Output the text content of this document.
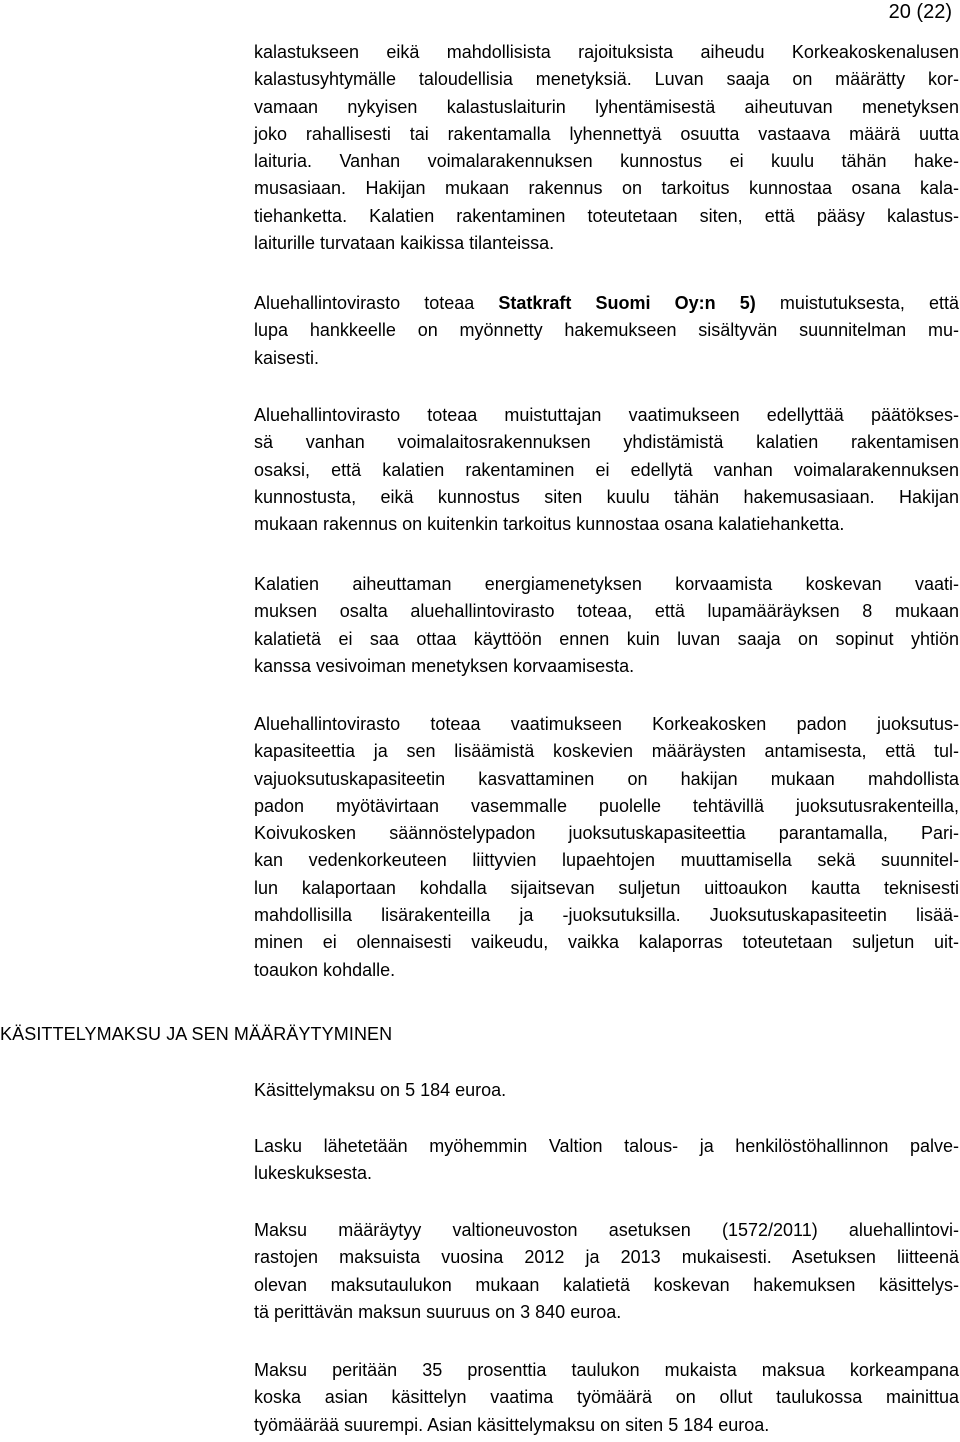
20 (22)
kalastukseen eikä mahdollisista rajoituksista aiheudu Korkeakoskenalusen
kalastusyhtymälle taloudellisia menetyksiä. Luvan saaja on määrätty kor-
vamaan nykyisen kalastuslaiturin lyhentämisestä aiheutuvan menetyksen
joko rahallisesti tai rakentamalla lyhennettyä osuutta vastaava määrä uutta
laituria. Vanhan voimalarakennuksen kunnostus ei kuulu tähän hake-
musasiaan. Hakijan mukaan rakennus on tarkoitus kunnostaa osana kala-
tiehanketta. Kalatien rakentaminen toteutetaan siten, että pääsy kalastus-
laiturille turvataan kaikissa tilanteissa.
Aluehallintovirasto toteaa Statkraft Suomi Oy:n 5) muistutuksesta, että
lupa hankkeelle on myönnetty hakemukseen sisältyvän suunnitelman mu-
kaisesti.
Aluehallintovirasto toteaa muistuttajan vaatimukseen edellyttää päätökses-
sä vanhan voimalaitosrakennuksen yhdistämistä kalatien rakentamisen
osaksi, että kalatien rakentaminen ei edellytä vanhan voimalarakennuksen
kunnostusta, eikä kunnostus siten kuulu tähän hakemusasiaan. Hakijan
mukaan rakennus on kuitenkin tarkoitus kunnostaa osana kalatiehanketta.
Kalatien aiheuttaman energiamenetyksen korvaamista koskevan vaati-
muksen osalta aluehallintovirasto toteaa, että lupamääräyksen 8 mukaan
kalatietä ei saa ottaa käyttöön ennen kuin luvan saaja on sopinut yhtiön
kanssa vesivoiman menetyksen korvaamisesta.
Aluehallintovirasto toteaa vaatimukseen Korkeakosken padon juoksutus-
kapasiteettia ja sen lisäämistä koskevien määräysten antamisesta, että tul-
vajuoksutuskapasiteetin kasvattaminen on hakijan mukaan mahdollista
padon myötävirtaan vasemmalle puolelle tehtävillä juoksutusrakenteilla,
Koivukosken säännöstelypadon juoksutuskapasiteettia parantamalla, Pari-
kan vedenkorkeuteen liittyvien lupaehtojen muuttamisella sekä suunnitel-
lun kalaportaan kohdalla sijaitsevan suljetun uittoaukon kautta teknisesti
mahdollisilla lisärakenteilla ja -juoksutuksilla. Juoksutuskapasiteetin lisää-
minen ei olennaisesti vaikeudu, vaikka kalaporras toteutetaan suljetun uit-
toaukon kohdalle.
KÄSITTELYMAKSU JA SEN MÄÄRÄYTYMINEN
Käsittelymaksu on 5 184 euroa.
Lasku lähetetään myöhemmin Valtion talous- ja henkilöstöhallinnon palve-
lukeskuksesta.
Maksu määräytyy valtioneuvoston asetuksen (1572/2011) aluehallintovi-
rastojen maksuista vuosina 2012 ja 2013 mukaisesti. Asetuksen liitteenä
olevan maksutaulukon mukaan kalatietä koskevan hakemuksen käsittelys-
tä perittävän maksun suuruus on 3 840 euroa.
Maksu peritään 35 prosenttia taulukon mukaista maksua korkeampana
koska asian käsittelyn vaatima työmäärä on ollut taulukossa mainittua
työmäärää suurempi. Asian käsittelymaksu on siten 5 184 euroa.
